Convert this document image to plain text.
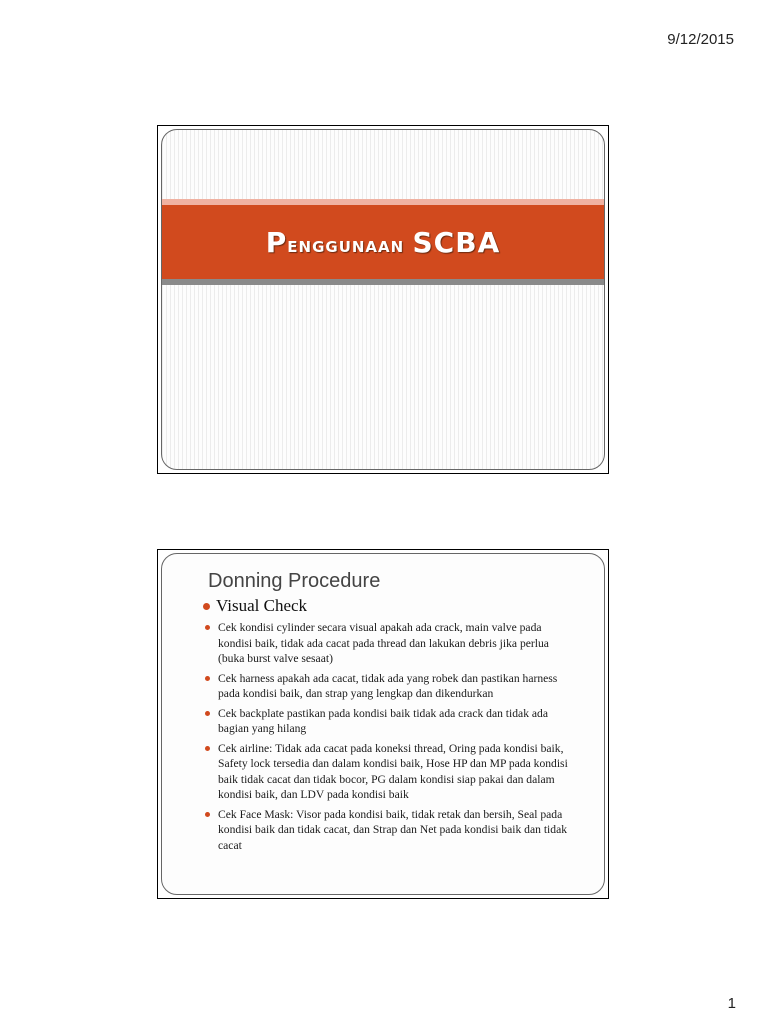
9/12/2015
Penggunaan SCBA
Donning Procedure
Visual Check
Cek kondisi cylinder secara visual apakah ada crack, main valve pada kondisi baik, tidak ada cacat pada thread dan lakukan debris jika perlua (buka burst valve sesaat)
Cek harness apakah ada cacat, tidak ada yang robek dan pastikan harness pada kondisi baik, dan strap yang lengkap dan dikendurkan
Cek backplate pastikan pada kondisi baik tidak ada crack dan tidak ada bagian yang hilang
Cek airline: Tidak ada cacat pada koneksi thread, Oring pada kondisi baik, Safety lock tersedia dan dalam kondisi baik, Hose HP dan MP pada kondisi baik tidak cacat dan tidak bocor, PG dalam kondisi siap pakai dan dalam kondisi baik, dan LDV pada kondisi baik
Cek Face Mask: Visor pada kondisi baik, tidak retak dan bersih, Seal pada kondisi baik dan tidak cacat, dan Strap dan Net pada kondisi baik dan tidak cacat
1
